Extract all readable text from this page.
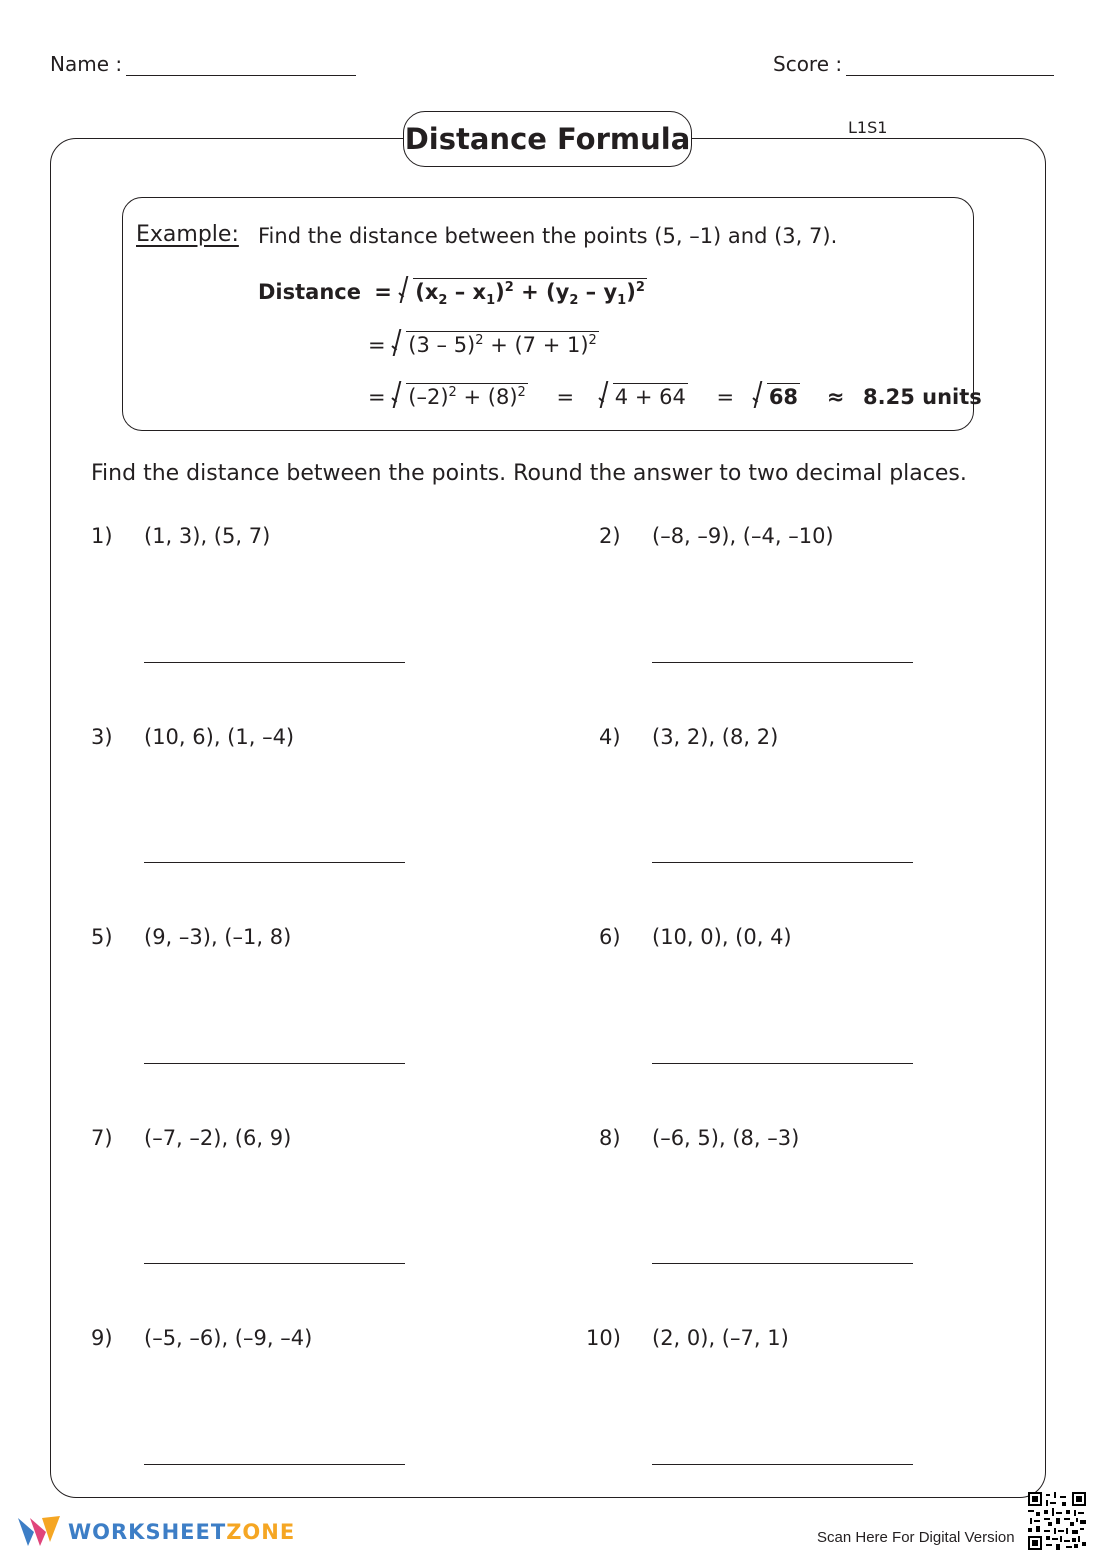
Name :	Score :
Distance Formula	L1S1
Example: Find the distance between the points (5, –1) and (3, 7).
Distance = $(x_2 - x_1)^2 + (y_2 - y_1)^2$
= $(3 - 5)^2 + (7 + 1)^2$
= $(-2)^2 + (8)^2 = 4 + 64 = 68 \approx 8.25$ units
Find the distance between the points. Round the answer to two decimal places.
1) (1, 3), (5, 7)	2) (–8, –9), (–4, –10)
3) (10, 6), (1, –4)	4) (3, 2), (8, 2)
5) (9, –3), (–1, 8)	6) (10, 0), (0, 4)
7) (–7, –2), (6, 9)	8) (–6, 5), (8, –3)
9) (–5, –6), (–9, –4)	10) (2, 0), (–7, 1)
WORKSHEETZONE	Scan Here For Digital Version
